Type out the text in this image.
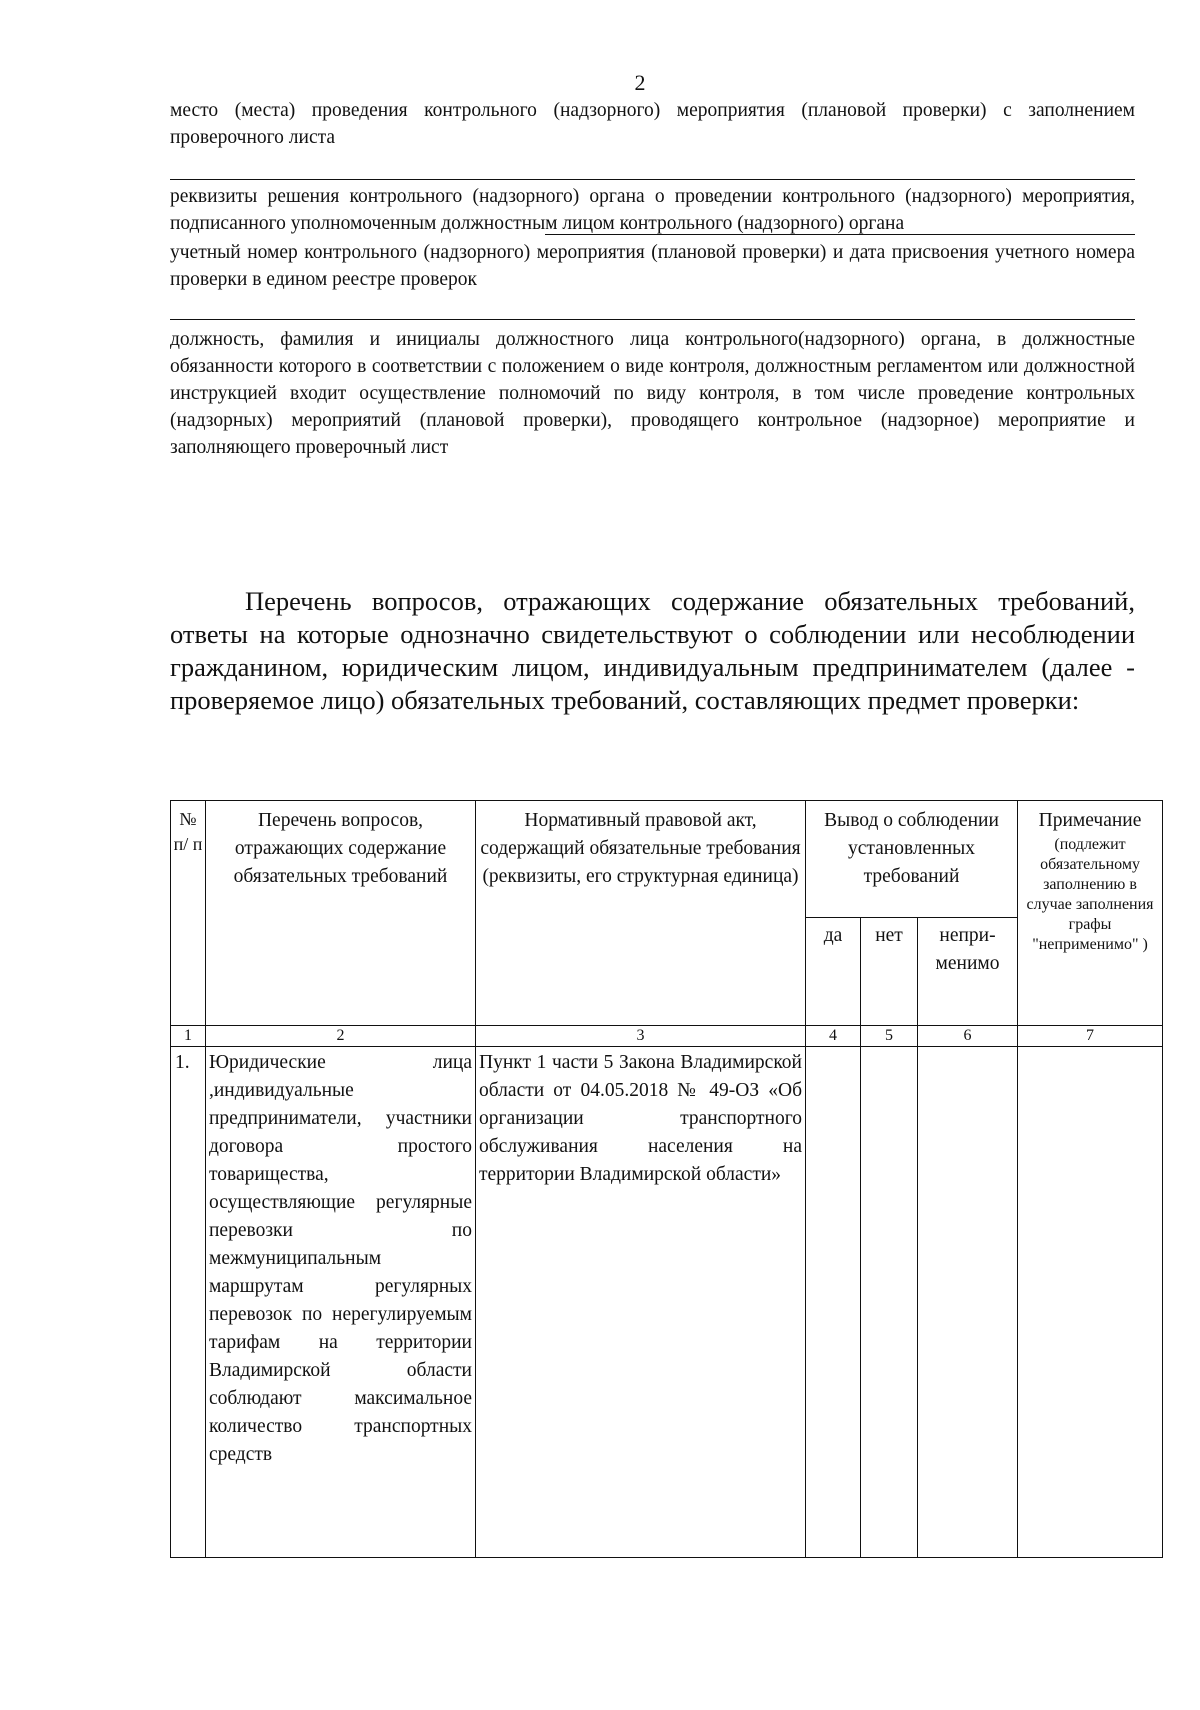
2

место (места) проведения контрольного (надзорного) мероприятия (плановой проверки) с заполнением проверочного листа

реквизиты решения контрольного (надзорного) органа о проведении контрольного (надзорного) мероприятия, подписанного уполномоченным должностным лицом контрольного (надзорного) органа

учетный номер контрольного (надзорного) мероприятия (плановой проверки) и дата присвоения учетного номера проверки в едином реестре проверок

должность, фамилия и инициалы должностного лица контрольного(надзорного) органа, в должностные обязанности которого в соответствии с положением о виде контроля, должностным регламентом или должностной инструкцией входит осуществление полномочий по виду контроля, в том числе проведение контрольных (надзорных) мероприятий (плановой проверки), проводящего контрольное (надзорное) мероприятие и заполняющего проверочный лист

Перечень вопросов, отражающих содержание обязательных требований, ответы на которые однозначно свидетельствуют о соблюдении или несоблюдении гражданином, юридическим лицом, индивидуальным предпринимателем (далее - проверяемое лицо) обязательных требований, составляющих предмет проверки:

№ п/ п	Перечень вопросов, отражающих содержание обязательных требований	Нормативный правовой акт, содержащий обязательные требования (реквизиты, его структурная единица)	Вывод о соблюдении установленных требований			Примечание
(подлежит обязательному заполнению в случае заполнения графы "неприменимо" )

			да	нет	непри-менимо	
1	2	3	4	5	6	7
1.	Юридические лица ,индивидуальные предприниматели, участники договора простого товарищества, осуществляющие регулярные перевозки по межмуниципальным маршрутам регулярных перевозок по нерегулируемым тарифам на территории Владимирской области соблюдают максимальное количество транспортных средств	Пункт 1 части 5 Закона Владимирской области от 04.05.2018 № 49-ОЗ «Об организации транспортного обслуживания населения на территории Владимирской области»				
